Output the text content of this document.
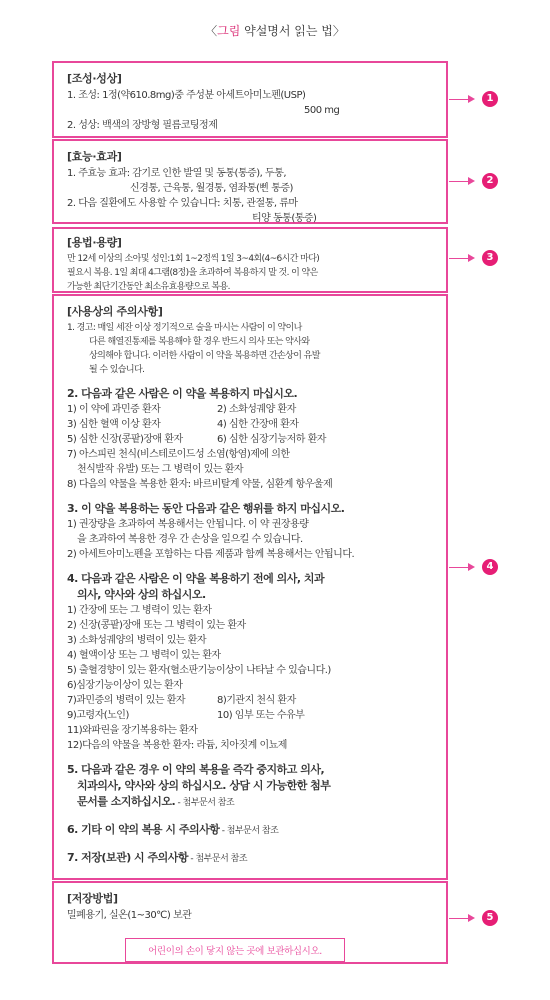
〈그림 약설명서 읽는 법〉
[조성·성상]
1. 조성: 1정(약610.8mg)중 주성분 아세트아미노펜(USP)
500 mg
2. 성상: 백색의 장방형 필름코팅정제
1
[효능·효과]
1. 주효능 효과: 감기로 인한 발열 및 동통(통증), 두통,
신경통, 근육통, 월경통, 염좌통(삔 통증)
2. 다음 질환에도 사용할 수 있습니다: 치통, 관절통, 류마
티양 동통(통증)
2
[용법·용량]
만 12세 이상의 소아및 성인:1회 1~2정씩 1일 3~4회(4~6시간 마다)
필요시 복용. 1일 최대 4그램(8정)을 초과하여 복용하지 말 것. 이 약은
가능한 최단기간동안 최소유효용량으로 복용.
3
[사용상의 주의사항]
1. 경고: 매일 세잔 이상 정기적으로 술을 마시는 사람이 이 약이나
다른 해열진통제를 복용해야 할 경우 반드시 의사 또는 약사와
상의해야 합니다. 이러한 사람이 이 약을 복용하면 간손상이 유발
될 수 있습니다.
2. 다음과 같은 사람은 이 약을 복용하지 마십시오.
1) 이 약에 과민증 환자	2) 소화성궤양 환자
3) 심한 혈액 이상 환자	4) 심한 간장애 환자
5) 심한 신장(콩팥)장애 환자	6) 심한 심장기능저하 환자
7) 아스피린 천식(비스테로이드성 소염(항염)제에 의한
천식발작 유발) 또는 그 병력이 있는 환자
8) 다음의 약물을 복용한 환자: 바르비탈계 약물, 심환계 항우울제
3. 이 약을 복용하는 동안 다음과 같은 행위를 하지 마십시오.
1) 권장량을 초과하여 복용해서는 안됩니다. 이 약 권장용량
을 초과하여 복용한 경우 간 손상을 일으킬 수 있습니다.
2) 아세트아미노펜을 포함하는 다름 제품과 함께 복용해서는 안됩니다.
4. 다음과 같은 사람은 이 약을 복용하기 전에 의사, 치과
의사, 약사와 상의 하십시오.
1) 간장에 또는 그 병력이 있는 환자
2) 신장(콩팥)장애 또는 그 병력이 있는 환자
3) 소화성궤양의 병력이 있는 환자
4) 혈액이상 또는 그 병력이 있는 환자
5) 출혈경향이 있는 환자(혈소판기능이상이 나타날 수 있습니다.)
6)심장기능이상이 있는 환자
7)과민증의 병력이 있는 환자	8)기관지 천식 환자
9)고령자(노인)	10) 임부 또는 수유부
11)와파린을 장기복용하는 환자
12)다음의 약물을 복용한 환자: 라듐, 치아짓계 이뇨제
5. 다음과 같은 경우 이 약의 복용을 즉각 중지하고 의사,
치과의사, 약사와 상의 하십시오. 상담 시 가능한한 첨부
문서를 소지하십시오. - 첨부문서 참조
6. 기타 이 약의 복용 시 주의사항 - 첨부문서 참조
7. 저장(보관) 시 주의사항 - 첨부문서 참조
4
[저장방법]
밀폐용기, 실온(1~30℃) 보관
어린이의 손이 닿지 않는 곳에 보관하십시오.
5
